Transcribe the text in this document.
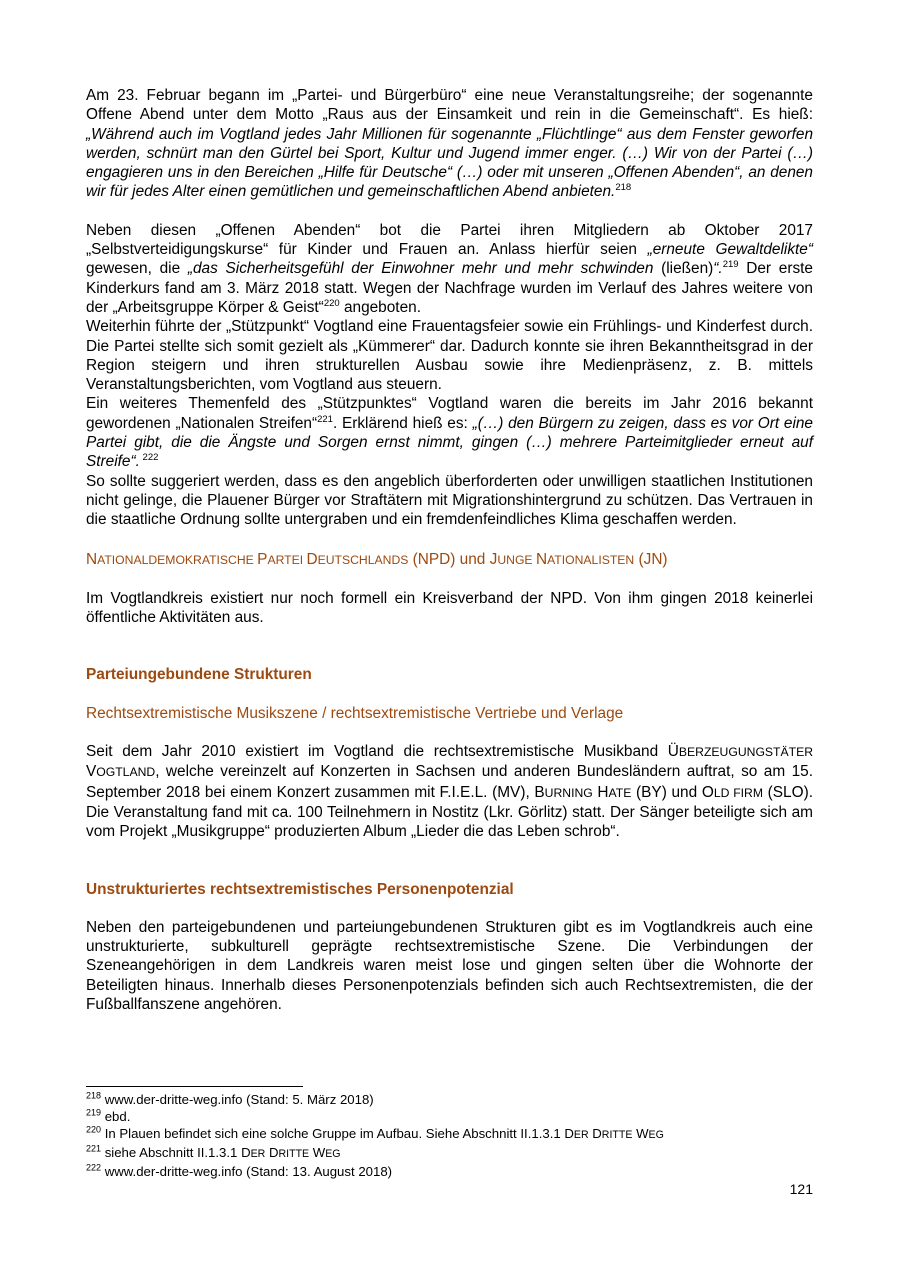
Am 23. Februar begann im „Partei- und Bürgerbüro“ eine neue Veranstaltungsreihe; der sogenannte Offene Abend unter dem Motto „Raus aus der Einsamkeit und rein in die Gemeinschaft“. Es hieß: „Während auch im Vogtland jedes Jahr Millionen für sogenannte „Flüchtlinge“ aus dem Fenster geworfen werden, schnürt man den Gürtel bei Sport, Kultur und Jugend immer enger. (…) Wir von der Partei (…) engagieren uns in den Bereichen „Hilfe für Deutsche“ (…) oder mit unseren „Offenen Abenden“, an denen wir für jedes Alter einen gemütlichen und gemeinschaftlichen Abend anbieten.$^{218}$

Neben diesen „Offenen Abenden“ bot die Partei ihren Mitgliedern ab Oktober 2017 „Selbstverteidigungskurse“ für Kinder und Frauen an. Anlass hierfür seien „erneute Gewaltdelikte“ gewesen, die „das Sicherheitsgefühl der Einwohner mehr und mehr schwinden (ließen)“.$^{219}$ Der erste Kinderkurs fand am 3. März 2018 statt. Wegen der Nachfrage wurden im Verlauf des Jahres weitere von der „Arbeitsgruppe Körper & Geist“$^{220}$ angeboten.

Weiterhin führte der „Stützpunkt“ Vogtland eine Frauentagsfeier sowie ein Frühlings- und Kinderfest durch. Die Partei stellte sich somit gezielt als „Kümmerer“ dar. Dadurch konnte sie ihren Bekanntheitsgrad in der Region steigern und ihren strukturellen Ausbau sowie ihre Medienpräsenz, z. B. mittels Veranstaltungsberichten, vom Vogtland aus steuern.

Ein weiteres Themenfeld des „Stützpunktes“ Vogtland waren die bereits im Jahr 2016 bekannt gewordenen „Nationalen Streifen“$^{221}$. Erklärend hieß es: „(…) den Bürgern zu zeigen, dass es vor Ort eine Partei gibt, die die Ängste und Sorgen ernst nimmt, gingen (…) mehrere Parteimitglieder erneut auf Streife“. $^{222}$

So sollte suggeriert werden, dass es den angeblich überforderten oder unwilligen staatlichen Institutionen nicht gelinge, die Plauener Bürger vor Straftätern mit Migrationshintergrund zu schützen. Das Vertrauen in die staatliche Ordnung sollte untergraben und ein fremdenfeindliches Klima geschaffen werden.

NATIONALDEMOKRATISCHE PARTEI DEUTSCHLANDS (NPD) und JUNGE NATIONALISTEN (JN)

Im Vogtlandkreis existiert nur noch formell ein Kreisverband der NPD. Von ihm gingen 2018 keinerlei öffentliche Aktivitäten aus.

Parteiungebundene Strukturen
Rechtsextremistische Musikszene / rechtsextremistische Vertriebe und Verlage

Seit dem Jahr 2010 existiert im Vogtland die rechtsextremistische Musikband ÜBERZEUGUNGSTÄTER VOGTLAND, welche vereinzelt auf Konzerten in Sachsen und anderen Bundesländern auftrat, so am 15. September 2018 bei einem Konzert zusammen mit F.I.E.L. (MV), BURNING HATE (BY) und OLD FIRM (SLO). Die Veranstaltung fand mit ca. 100 Teilnehmern in Nostitz (Lkr. Görlitz) statt. Der Sänger beteiligte sich am vom Projekt „Musikgruppe“ produzierten Album „Lieder die das Leben schrob“.

Unstrukturiertes rechtsextremistisches Personenpotenzial

Neben den parteigebundenen und parteiungebundenen Strukturen gibt es im Vogtlandkreis auch eine unstrukturierte, subkulturell geprägte rechtsextremistische Szene. Die Verbindungen der Szeneangehörigen in dem Landkreis waren meist lose und gingen selten über die Wohnorte der Beteiligten hinaus. Innerhalb dieses Personenpotenzials befinden sich auch Rechtsextremisten, die der Fußballfanszene angehören.

$^{218}$ www.der-dritte-weg.info (Stand: 5. März 2018)

$^{219}$ ebd.

$^{220}$ In Plauen befindet sich eine solche Gruppe im Aufbau. Siehe Abschnitt II.1.3.1 DER DRITTE WEG

$^{221}$ siehe Abschnitt II.1.3.1 DER DRITTE WEG

$^{222}$ www.der-dritte-weg.info (Stand: 13. August 2018)

121
